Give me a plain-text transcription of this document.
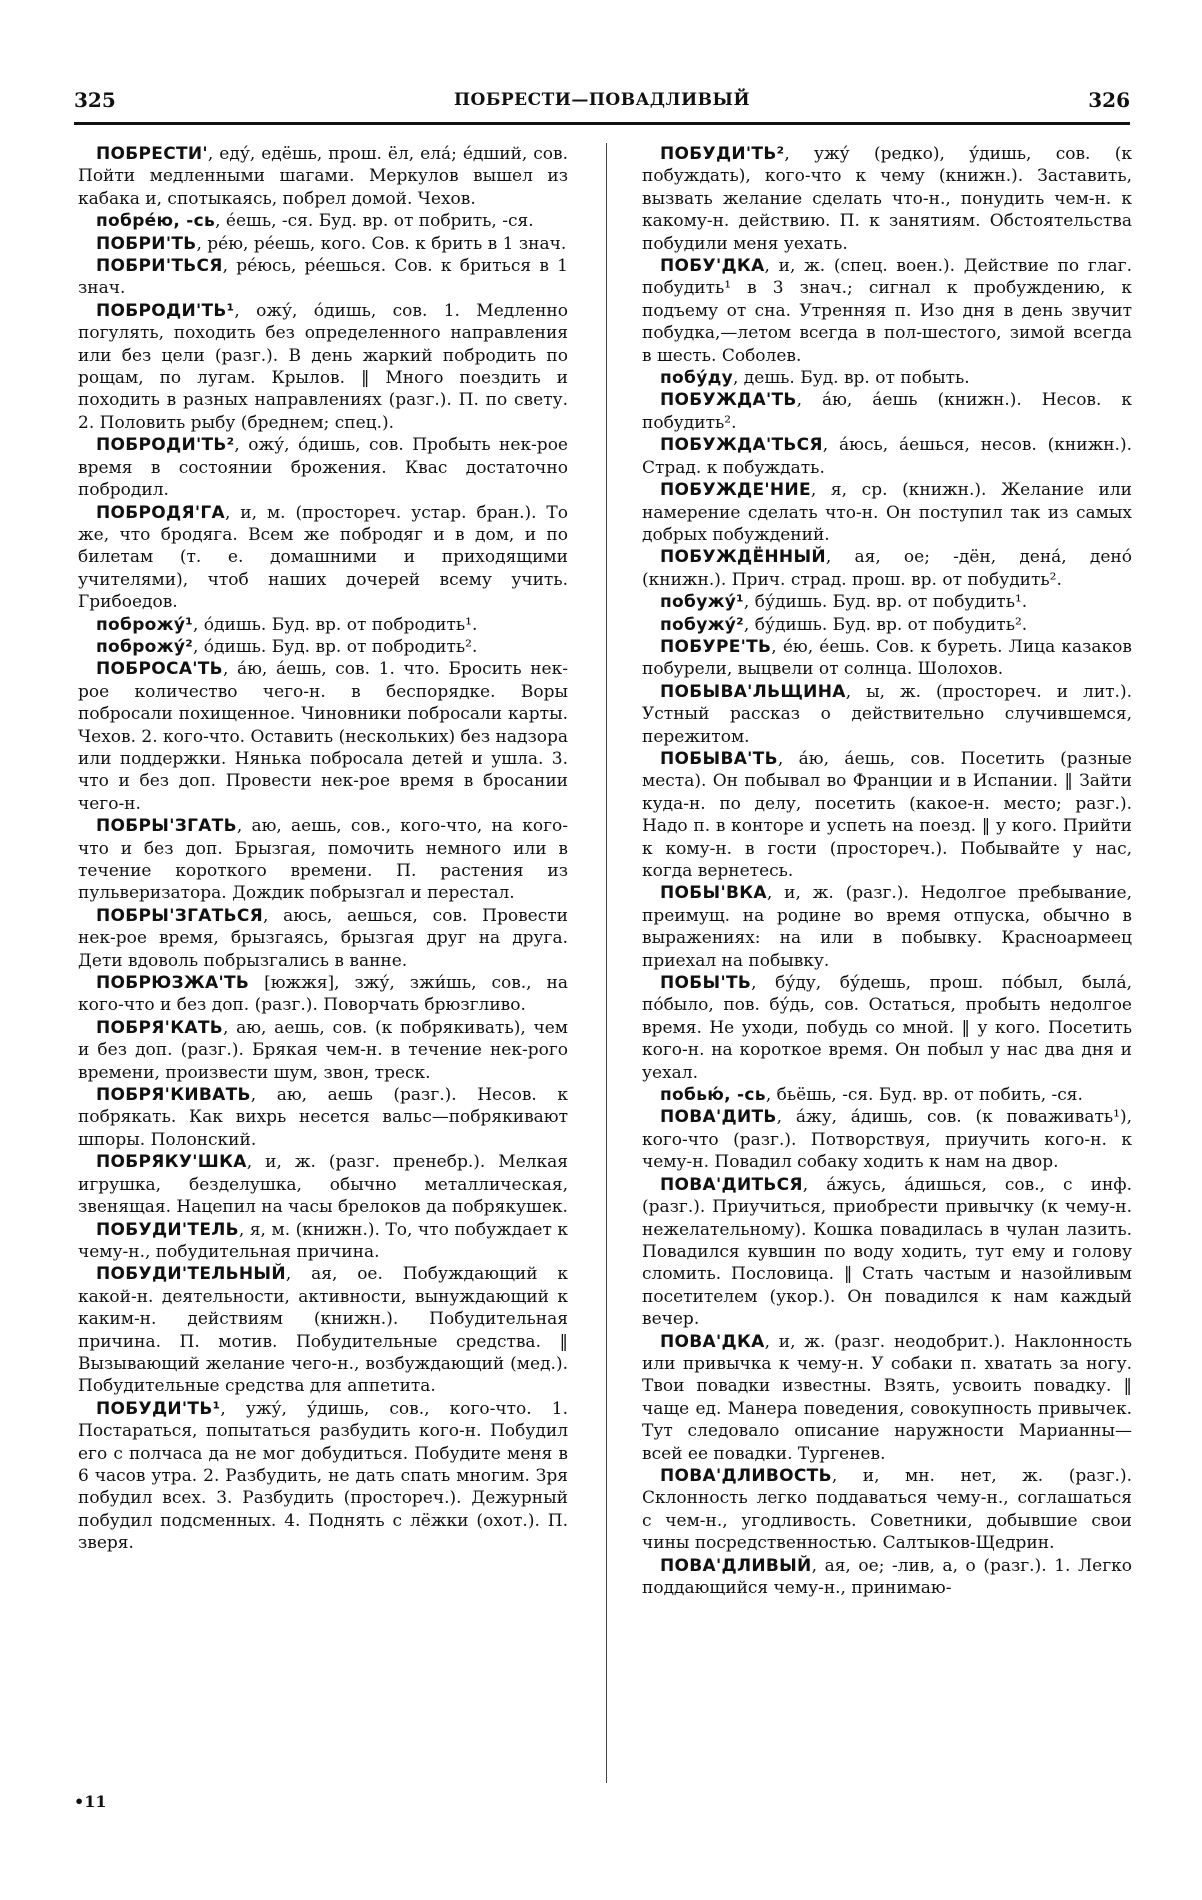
325	ПОБРЕСТИ—ПОВАДЛИВЫЙ	326

ПОБРЕСТИ', еду́, едёшь, прош. ёл, ела́; е́дший, сов. Пойти медленными шагами. Меркулов вышел из кабака и, спотыкаясь, побрел домой. Чехов.

побре́ю, -сь, е́ешь, -ся. Буд. вр. от побрить, -ся.

ПОБРИ'ТЬ, ре́ю, ре́ешь, кого. Сов. к брить в 1 знач.

ПОБРИ'ТЬСЯ, ре́юсь, ре́ешься. Сов. к бриться в 1 знач.

ПОБРОДИ'ТЬ¹, ожу́, о́дишь, сов. 1. Медленно погулять, походить без определенного направления или без цели (разг.). В день жаркий побродить по рощам, по лугам. Крылов. ‖ Много поездить и походить в разных направлениях (разг.). П. по свету. 2. Половить рыбу (бреднем; спец.).

ПОБРОДИ'ТЬ², ожу́, о́дишь, сов. Пробыть нек-рое время в состоянии брожения. Квас достаточно побродил.

ПОБРОДЯ'ГА, и, м. (простореч. устар. бран.). То же, что бродяга. Всем же побродяг и в дом, и по билетам (т. е. домашними и приходящими учителями), чтоб наших дочерей всему учить. Грибоедов.

поброжу́¹, о́дишь. Буд. вр. от побродить¹.

поброжу́², о́дишь. Буд. вр. от побродить².

ПОБРОСА'ТЬ, а́ю, а́ешь, сов. 1. что. Бросить нек-рое количество чего-н. в беспорядке. Воры побросали похищенное. Чиновники побросали карты. Чехов. 2. кого-что. Оставить (нескольких) без надзора или поддержки. Нянька побросала детей и ушла. 3. что и без доп. Провести нек-рое время в бросании чего-н.

ПОБРЫ'ЗГАТЬ, аю, аешь, сов., кого-что, на кого-что и без доп. Брызгая, помочить немного или в течение короткого времени. П. растения из пульверизатора. Дождик побрызгал и перестал.

ПОБРЫ'ЗГАТЬСЯ, аюсь, аешься, сов. Провести нек-рое время, брызгаясь, брызгая друг на друга. Дети вдоволь побрызгались в ванне.

ПОБРЮЗЖА'ТЬ [южжя], зжу́, зжи́шь, сов., на кого-что и без доп. (разг.). Поворчать брюзгливо.

ПОБРЯ'КАТЬ, аю, аешь, сов. (к побрякивать), чем и без доп. (разг.). Брякая чем-н. в течение нек-рого времени, произвести шум, звон, треск.

ПОБРЯ'КИВАТЬ, аю, аешь (разг.). Несов. к побрякать. Как вихрь несется вальс—побрякивают шпоры. Полонский.

ПОБРЯКУ'ШКА, и, ж. (разг. пренебр.). Мелкая игрушка, безделушка, обычно металлическая, звенящая. Нацепил на часы брелоков да побрякушек.

ПОБУДИ'ТЕЛЬ, я, м. (книжн.). То, что побуждает к чему-н., побудительная причина.

ПОБУДИ'ТЕЛЬНЫЙ, ая, ое. Побуждающий к какой-н. деятельности, активности, вынуждающий к каким-н. действиям (книжн.). Побудительная причина. П. мотив. Побудительные средства. ‖ Вызывающий желание чего-н., возбуждающий (мед.). Побудительные средства для аппетита.

ПОБУДИ'ТЬ¹, ужу́, у́дишь, сов., кого-что. 1. Постараться, попытаться разбудить кого-н. Побудил его с полчаса да не мог добудиться. Побудите меня в 6 часов утра. 2. Разбудить, не дать спать многим. Зря побудил всех. 3. Разбудить (простореч.). Дежурный побудил подсменных. 4. Поднять с лёжки (охот.). П. зверя.

ПОБУДИ'ТЬ², ужу́ (редко), у́дишь, сов. (к побуждать), кого-что к чему (книжн.). Заставить, вызвать желание сделать что-н., понудить чем-н. к какому-н. действию. П. к занятиям. Обстоятельства побудили меня уехать.

ПОБУ'ДКА, и, ж. (спец. воен.). Действие по глаг. побудить¹ в 3 знач.; сигнал к пробуждению, к подъему от сна. Утренняя п. Изо дня в день звучит побудка,—летом всегда в пол-шестого, зимой всегда в шесть. Соболев.

побу́ду, дешь. Буд. вр. от побыть.

ПОБУЖДА'ТЬ, а́ю, а́ешь (книжн.). Несов. к побудить².

ПОБУЖДА'ТЬСЯ, а́юсь, а́ешься, несов. (книжн.). Страд. к побуждать.

ПОБУЖДЕ'НИЕ, я, ср. (книжн.). Желание или намерение сделать что-н. Он поступил так из самых добрых побуждений.

ПОБУЖДЁННЫЙ, ая, ое; -дён, дена́, дено́ (книжн.). Прич. страд. прош. вр. от побудить².

побужу́¹, бу́дишь. Буд. вр. от побудить¹.

побужу́², бу́дишь. Буд. вр. от побудить².

ПОБУРЕ'ТЬ, е́ю, е́ешь. Сов. к буреть. Лица казаков побурели, выцвели от солнца. Шолохов.

ПОБЫВА'ЛЬЩИНА, ы, ж. (простореч. и лит.). Устный рассказ о действительно случившемся, пережитом.

ПОБЫВА'ТЬ, а́ю, а́ешь, сов. Посетить (разные места). Он побывал во Франции и в Испании. ‖ Зайти куда-н. по делу, посетить (какое-н. место; разг.). Надо п. в конторе и успеть на поезд. ‖ у кого. Прийти к кому-н. в гости (простореч.). Побывайте у нас, когда вернетесь.

ПОБЫ'ВКА, и, ж. (разг.). Недолгое пребывание, преимущ. на родине во время отпуска, обычно в выражениях: на или в побывку. Красноармеец приехал на побывку.

ПОБЫ'ТЬ, бу́ду, бу́дешь, прош. по́был, была́, по́было, пов. бу́дь, сов. Остаться, пробыть недолгое время. Не уходи, побудь со мной. ‖ у кого. Посетить кого-н. на короткое время. Он побыл у нас два дня и уехал.

побью́, -сь, бьёшь, -ся. Буд. вр. от побить, -ся.

ПОВА'ДИТЬ, а́жу, а́дишь, сов. (к поваживать¹), кого-что (разг.). Потворствуя, приучить кого-н. к чему-н. Повадил собаку ходить к нам на двор.

ПОВА'ДИТЬСЯ, а́жусь, а́дишься, сов., с инф. (разг.). Приучиться, приобрести привычку (к чему-н. нежелательному). Кошка повадилась в чулан лазить. Повадился кувшин по воду ходить, тут ему и голову сломить. Пословица. ‖ Стать частым и назойливым посетителем (укор.). Он повадился к нам каждый вечер.

ПОВА'ДКА, и, ж. (разг. неодобрит.). Наклонность или привычка к чему-н. У собаки п. хватать за ногу. Твои повадки известны. Взять, усвоить повадку. ‖ чаще ед. Манера поведения, совокупность привычек. Тут следовало описание наружности Марианны—всей ее повадки. Тургенев.

ПОВА'ДЛИВОСТЬ, и, мн. нет, ж. (разг.). Склонность легко поддаваться чему-н., соглашаться с чем-н., угодливость. Советники, добывшие свои чины посредственностью. Салтыков-Щедрин.

ПОВА'ДЛИВЫЙ, ая, ое; -лив, а, о (разг.). 1. Легко поддающийся чему-н., принимаю-

•11
